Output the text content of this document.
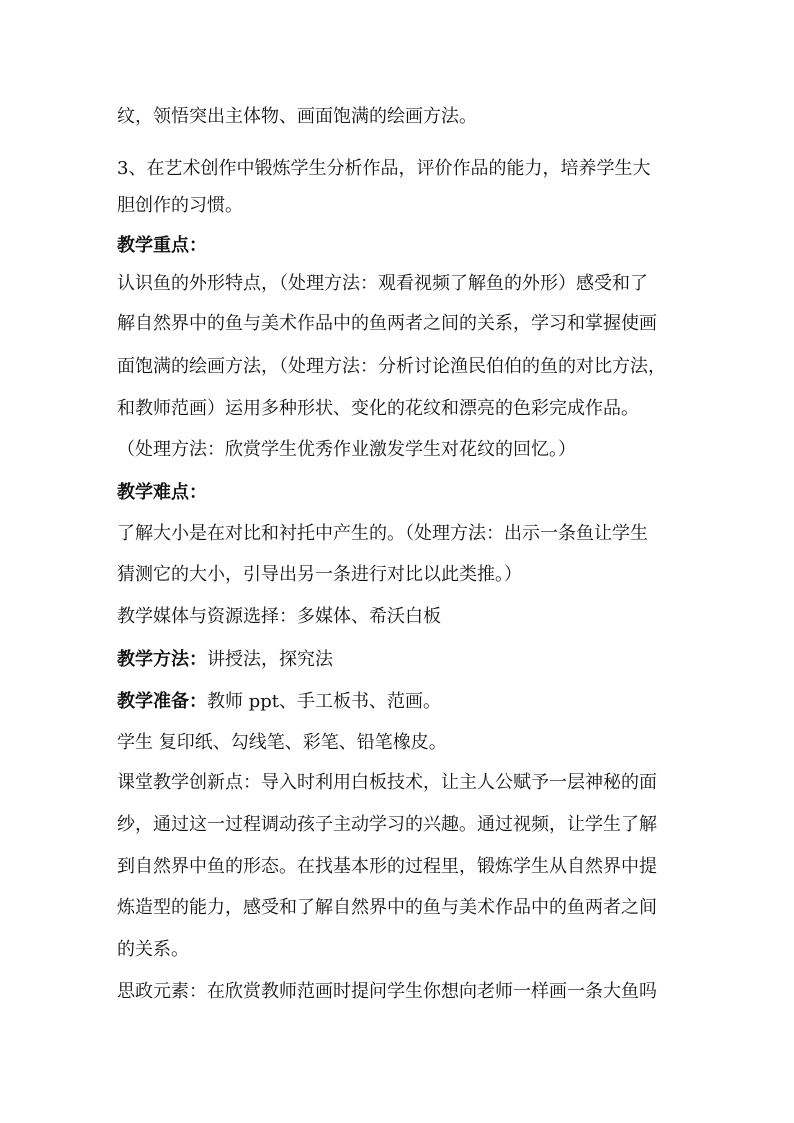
纹，领悟突出主体物、画面饱满的绘画方法。
3、在艺术创作中锻炼学生分析作品，评价作品的能力，培养学生大
胆创作的习惯。
教学重点：
认识鱼的外形特点，（处理方法：观看视频了解鱼的外形）感受和了
解自然界中的鱼与美术作品中的鱼两者之间的关系，学习和掌握使画
面饱满的绘画方法，（处理方法：分析讨论渔民伯伯的鱼的对比方法，
和教师范画）运用多种形状、变化的花纹和漂亮的色彩完成作品。
（处理方法：欣赏学生优秀作业激发学生对花纹的回忆。）
教学难点：
了解大小是在对比和衬托中产生的。（处理方法：出示一条鱼让学生
猜测它的大小，引导出另一条进行对比以此类推。）
教学媒体与资源选择：多媒体、希沃白板
教学方法：讲授法，探究法
教学准备：教师 ppt、手工板书、范画。
学生 复印纸、勾线笔、彩笔、铅笔橡皮。
课堂教学创新点：导入时利用白板技术，让主人公赋予一层神秘的面
纱，通过这一过程调动孩子主动学习的兴趣。通过视频，让学生了解
到自然界中鱼的形态。在找基本形的过程里，锻炼学生从自然界中提
炼造型的能力，感受和了解自然界中的鱼与美术作品中的鱼两者之间
的关系。
思政元素：在欣赏教师范画时提问学生你想向老师一样画一条大鱼吗
